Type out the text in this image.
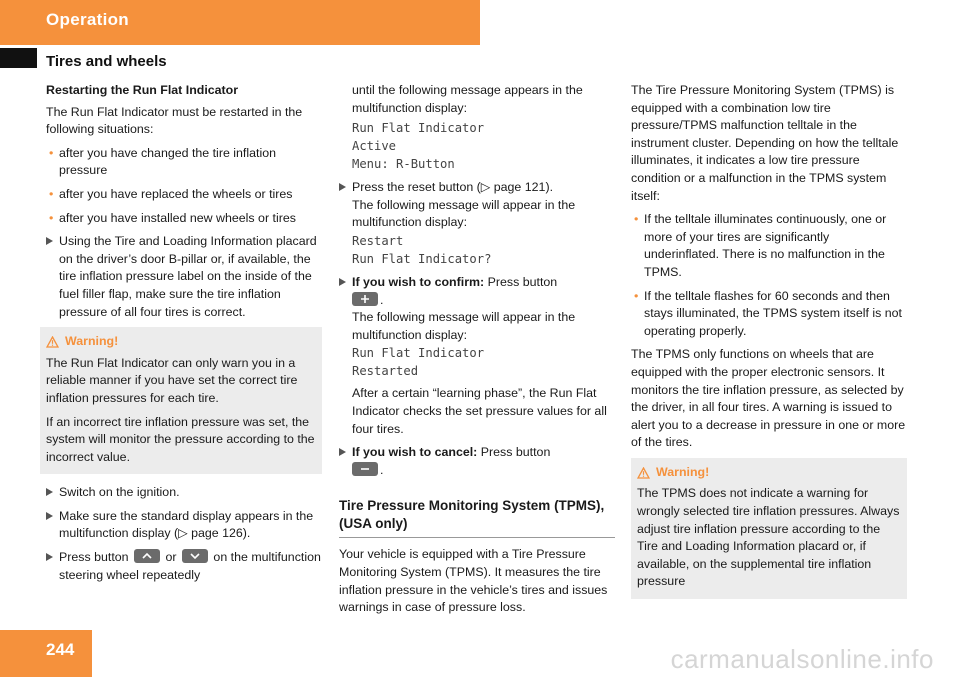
Operation
Tires and wheels

Restarting the Run Flat Indicator

The Run Flat Indicator must be restarted in the following situations:

• after you have changed the tire inflation pressure
• after you have replaced the wheels or tires
• after you have installed new wheels or tires
Using the Tire and Loading Information placard on the driver’s door B-pillar or, if available, the tire inflation pressure label on the inside of the fuel filler flap, make sure the tire inflation pressure of all four tires is correct.
Warning!

The Run Flat Indicator can only warn you in a reliable manner if you have set the correct tire inflation pressures for each tire.

If an incorrect tire inflation pressure was set, the system will monitor the pressure according to the incorrect value.

Switch on the ignition.
Make sure the standard display appears in the multifunction display (▷ page 126).
Press button	or	on the multifunction steering wheel repeatedly

until the following message appears in the multifunction display:

Run Flat Indicator
Active
Menu: R-Button
Press the reset button (▷ page 121).
The following message will appear in the multifunction display:
Restart
Run Flat Indicator?
If you wish to confirm: Press button

.
The following message will appear in the multifunction display:
Run Flat Indicator
Restarted
After a certain “learning phase”, the Run Flat Indicator checks the set pressure values for all four tires.
If you wish to cancel: Press button

.
Tire Pressure Monitoring System (TPMS), (USA only)

Your vehicle is equipped with a Tire Pressure Monitoring System (TPMS). It measures the tire inflation pressure in the vehicle’s tires and issues warnings in case of pressure loss.

The Tire Pressure Monitoring System (TPMS) is equipped with a combination low tire pressure/TPMS malfunction telltale in the instrument cluster. Depending on how the telltale illuminates, it indicates a low tire pressure condition or a malfunction in the TPMS system itself:

• If the telltale illuminates continuously, one or more of your tires are significantly underinflated. There is no malfunction in the TPMS.
• If the telltale flashes for 60 seconds and then stays illuminated, the TPMS system itself is not operating properly.

The TPMS only functions on wheels that are equipped with the proper electronic sensors. It monitors the tire inflation pressure, as selected by the driver, in all four tires. A warning is issued to alert you to a decrease in pressure in one or more of the tires.

Warning!

The TPMS does not indicate a warning for wrongly selected tire inflation pressures. Always adjust tire inflation pressure according to the Tire and Loading Information placard or, if available, on the supplemental tire inflation pressure

244	carmanualsonline.info
